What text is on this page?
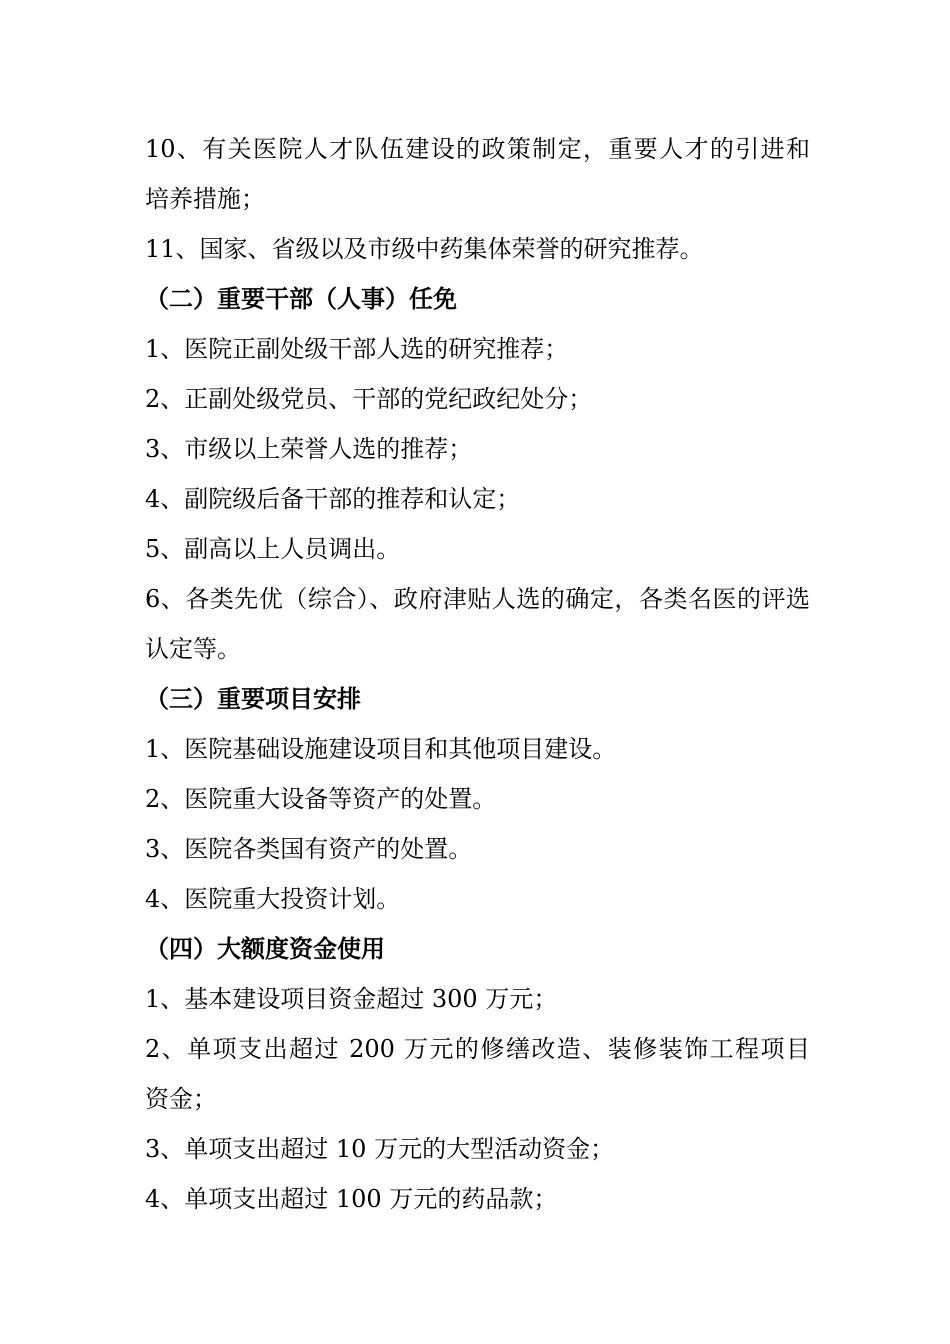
10、有关医院人才队伍建设的政策制定，重要人才的引进和
培养措施；
11、国家、省级以及市级中药集体荣誉的研究推荐。
（二）重要干部（人事）任免
1、医院正副处级干部人选的研究推荐；
2、正副处级党员、干部的党纪政纪处分；
3、市级以上荣誉人选的推荐；
4、副院级后备干部的推荐和认定；
5、副高以上人员调出。
6、各类先优（综合）、政府津贴人选的确定，各类名医的评选
认定等。
（三）重要项目安排
1、医院基础设施建设项目和其他项目建设。
2、医院重大设备等资产的处置。
3、医院各类国有资产的处置。
4、医院重大投资计划。
（四）大额度资金使用
1、基本建设项目资金超过 300 万元；
2、单项支出超过 200 万元的修缮改造、装修装饰工程项目
资金；
3、单项支出超过 10 万元的大型活动资金；
4、单项支出超过 100 万元的药品款；
